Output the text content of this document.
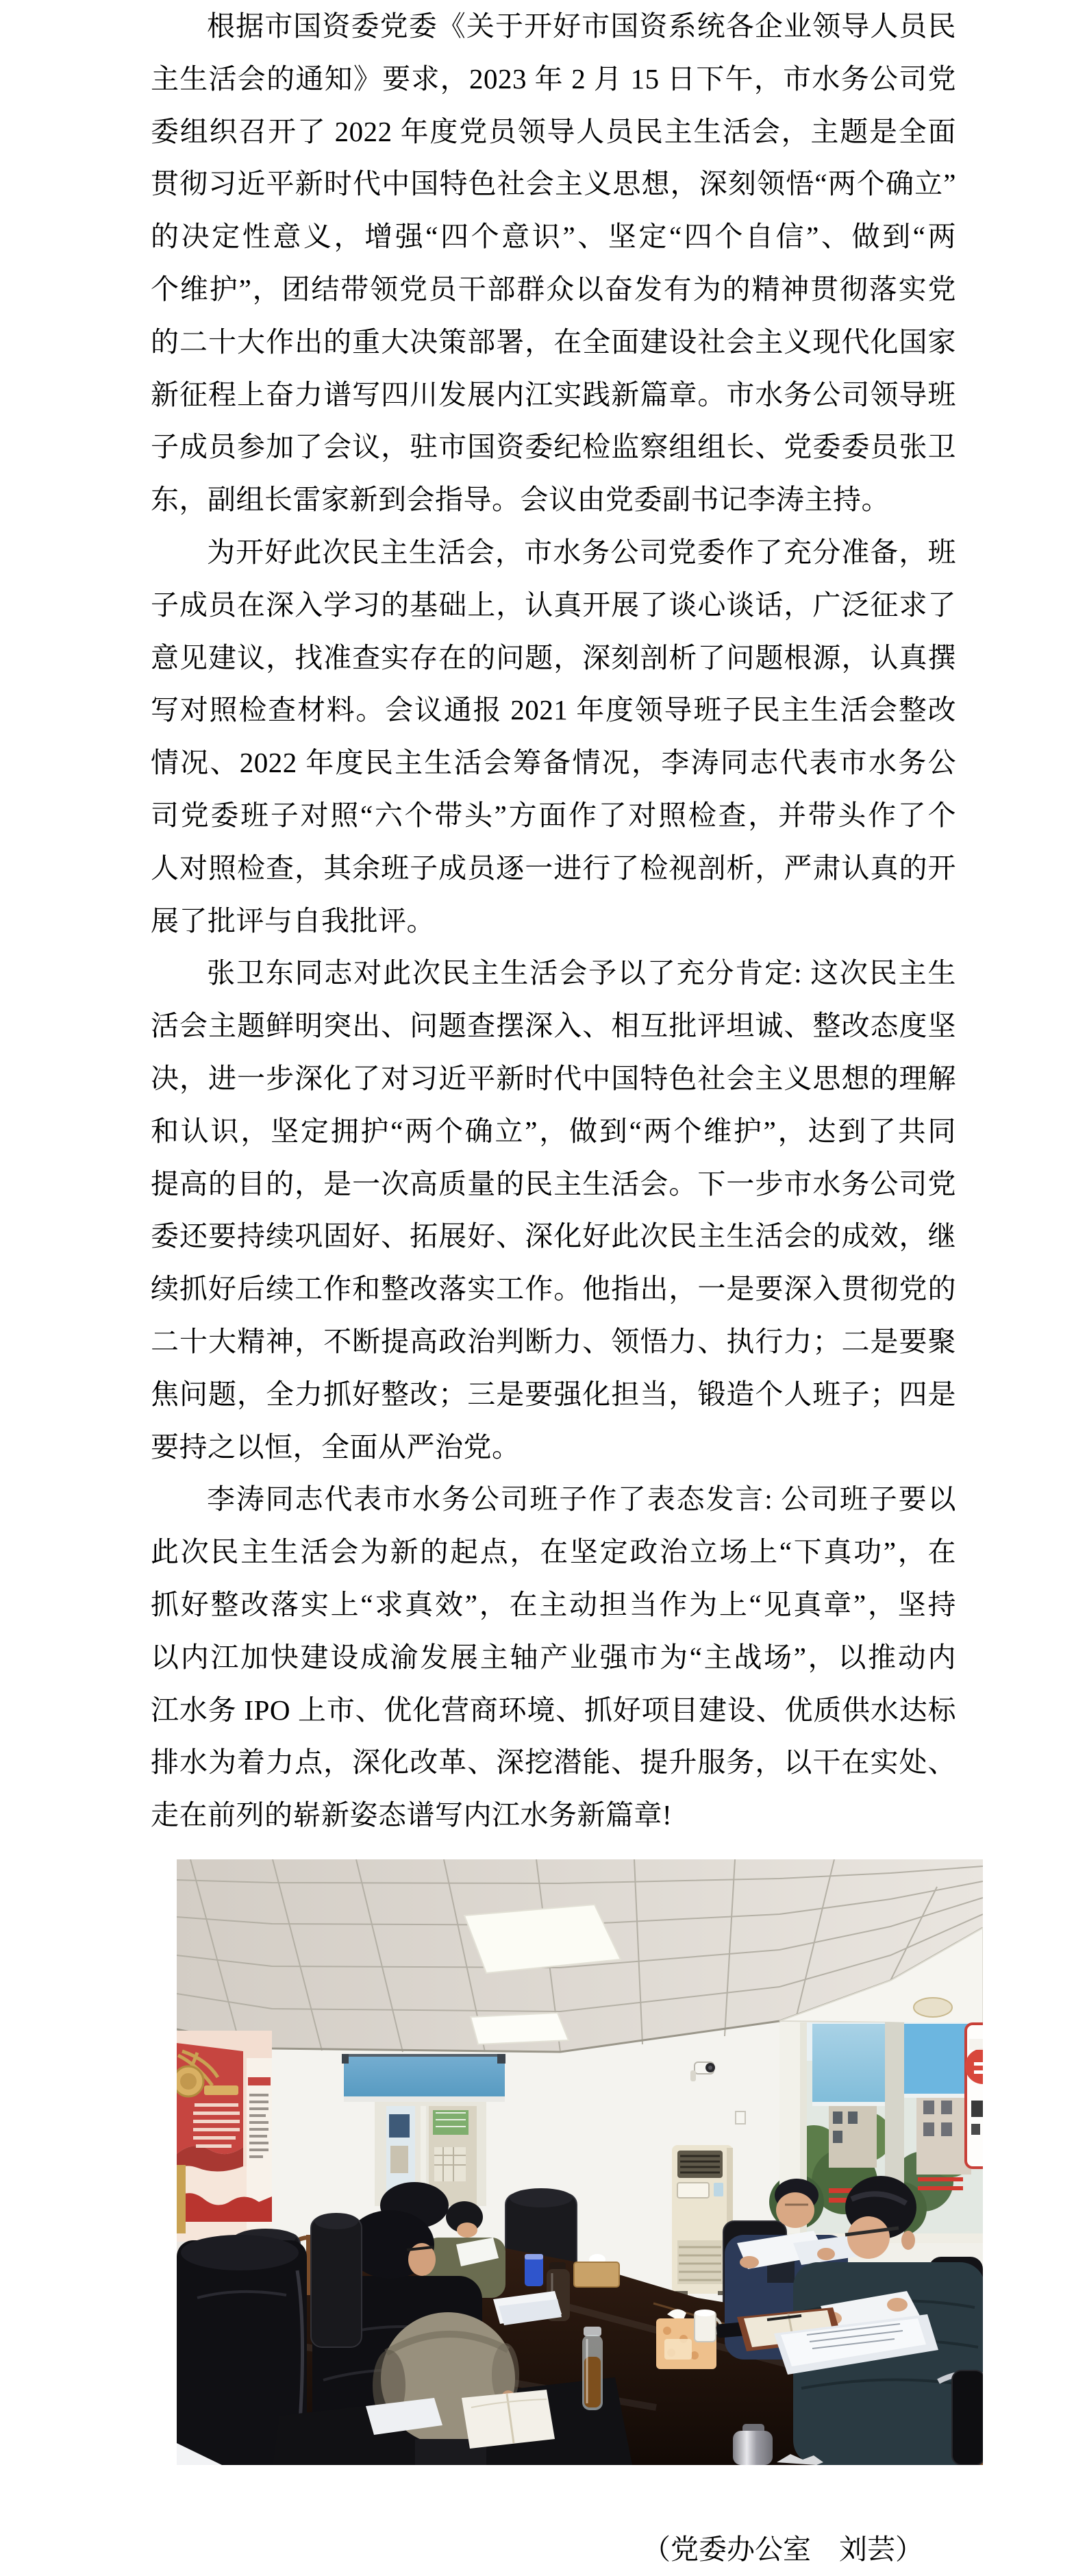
根据市国资委党委《关于开好市国资系统各企业领导人员民
主生活会的通知》要求，2023 年 2 月 15 日下午，市水务公司党
委组织召开了 2022 年度党员领导人员民主生活会，主题是全面
贯彻习近平新时代中国特色社会主义思想，深刻领悟“两个确立”
的决定性意义，增强“四个意识”、坚定“四个自信”、做到“两
个维护”，团结带领党员干部群众以奋发有为的精神贯彻落实党
的二十大作出的重大决策部署，在全面建设社会主义现代化国家
新征程上奋力谱写四川发展内江实践新篇章。市水务公司领导班
子成员参加了会议，驻市国资委纪检监察组组长、党委委员张卫
东，副组长雷家新到会指导。会议由党委副书记李涛主持。
为开好此次民主生活会，市水务公司党委作了充分准备，班
子成员在深入学习的基础上，认真开展了谈心谈话，广泛征求了
意见建议，找准查实存在的问题，深刻剖析了问题根源，认真撰
写对照检查材料。会议通报 2021 年度领导班子民主生活会整改
情况、2022 年度民主生活会筹备情况，李涛同志代表市水务公
司党委班子对照“六个带头”方面作了对照检查，并带头作了个
人对照检查，其余班子成员逐一进行了检视剖析，严肃认真的开
展了批评与自我批评。
张卫东同志对此次民主生活会予以了充分肯定: 这次民主生
活会主题鲜明突出、问题查摆深入、相互批评坦诚、整改态度坚
决，进一步深化了对习近平新时代中国特色社会主义思想的理解
和认识，坚定拥护“两个确立”，做到“两个维护”，达到了共同
提高的目的，是一次高质量的民主生活会。下一步市水务公司党
委还要持续巩固好、拓展好、深化好此次民主生活会的成效，继
续抓好后续工作和整改落实工作。他指出，一是要深入贯彻党的
二十大精神，不断提高政治判断力、领悟力、执行力；二是要聚
焦问题，全力抓好整改；三是要强化担当，锻造个人班子；四是
要持之以恒，全面从严治党。
李涛同志代表市水务公司班子作了表态发言: 公司班子要以
此次民主生活会为新的起点，在坚定政治立场上“下真功”，在
抓好整改落实上“求真效”，在主动担当作为上“见真章”，坚持
以内江加快建设成渝发展主轴产业强市为“主战场”，以推动内
江水务 IPO 上市、优化营商环境、抓好项目建设、优质供水达标
排水为着力点，深化改革、深挖潜能、提升服务，以干在实处、
走在前列的崭新姿态谱写内江水务新篇章!
（党委办公室　刘芸）
